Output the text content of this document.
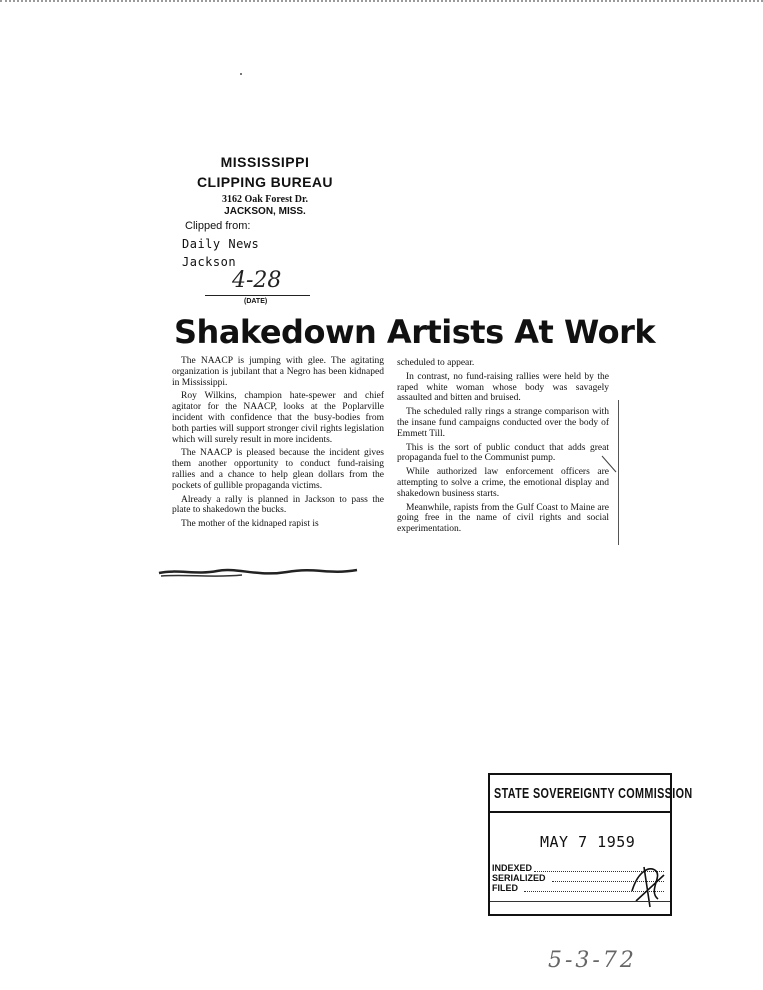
MISSISSIPPI
CLIPPING BUREAU
3162 Oak Forest Dr.
JACKSON, MISS.
Clipped from:
Daily News
Jackson
4-28
(DATE)
Shakedown Artists At Work

The NAACP is jumping with glee. The agitating organization is jubilant that a Negro has been kidnaped in Mississippi.

Roy Wilkins, champion hate-spewer and chief agitator for the NAACP, looks at the Poplarville incident with confidence that the busy-bodies from both parties will support stronger civil rights legislation which will surely result in more incidents.

The NAACP is pleased because the incident gives them another opportunity to conduct fund-raising rallies and a chance to help glean dollars from the pockets of gullible propaganda victims.

Already a rally is planned in Jackson to pass the plate to shakedown the bucks.

The mother of the kidnaped rapist is

scheduled to appear.

In contrast, no fund-raising rallies were held by the raped white woman whose body was savagely assaulted and bitten and bruised.

The scheduled rally rings a strange comparison with the insane fund campaigns conducted over the body of Emmett Till.

This is the sort of public conduct that adds great propaganda fuel to the Communist pump.

While authorized law enforcement officers are attempting to solve a crime, the emotional display and shakedown business starts.

Meanwhile, rapists from the Gulf Coast to Maine are going free in the name of civil rights and social experimentation.

STATE SOVEREIGNTY COMMISSION
MAY 7 1959
INDEXED
SERIALIZED
FILED
5-3-72
